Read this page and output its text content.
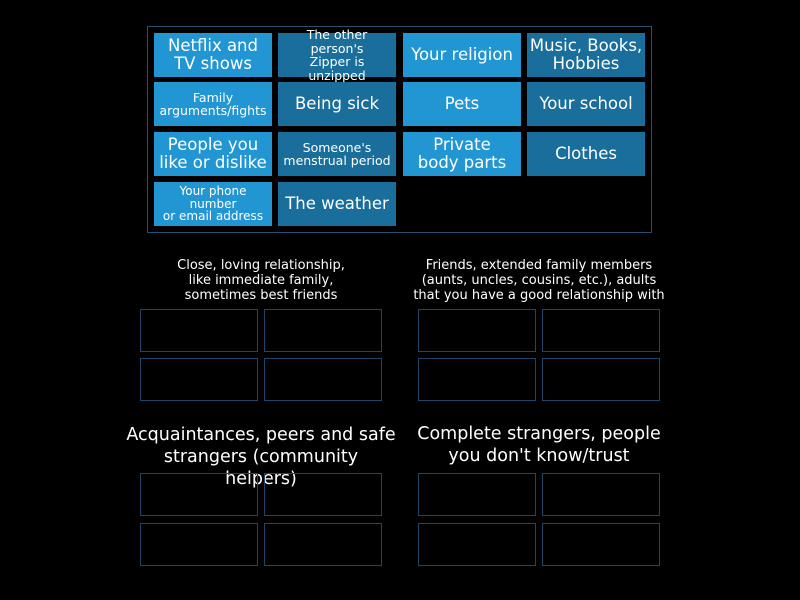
Netflix and
TV shows
The other person's
Zipper is unzipped
Your religion	Music, Books,
Hobbies
Family
arguments/fights	Being sick	Pets	Your school
People you
like or dislike
Someone's
menstrual period
Private
body parts	Clothes
Your phone number
or email address
The weather
Close, loving relationship,
like immediate family,
sometimes best friends
Friends, extended family members
(aunts, uncles, cousins, etc.), adults
that you have a good relationship with
Acquaintances, peers and safe
strangers (community helpers)
Complete strangers, people
you don't know/trust
